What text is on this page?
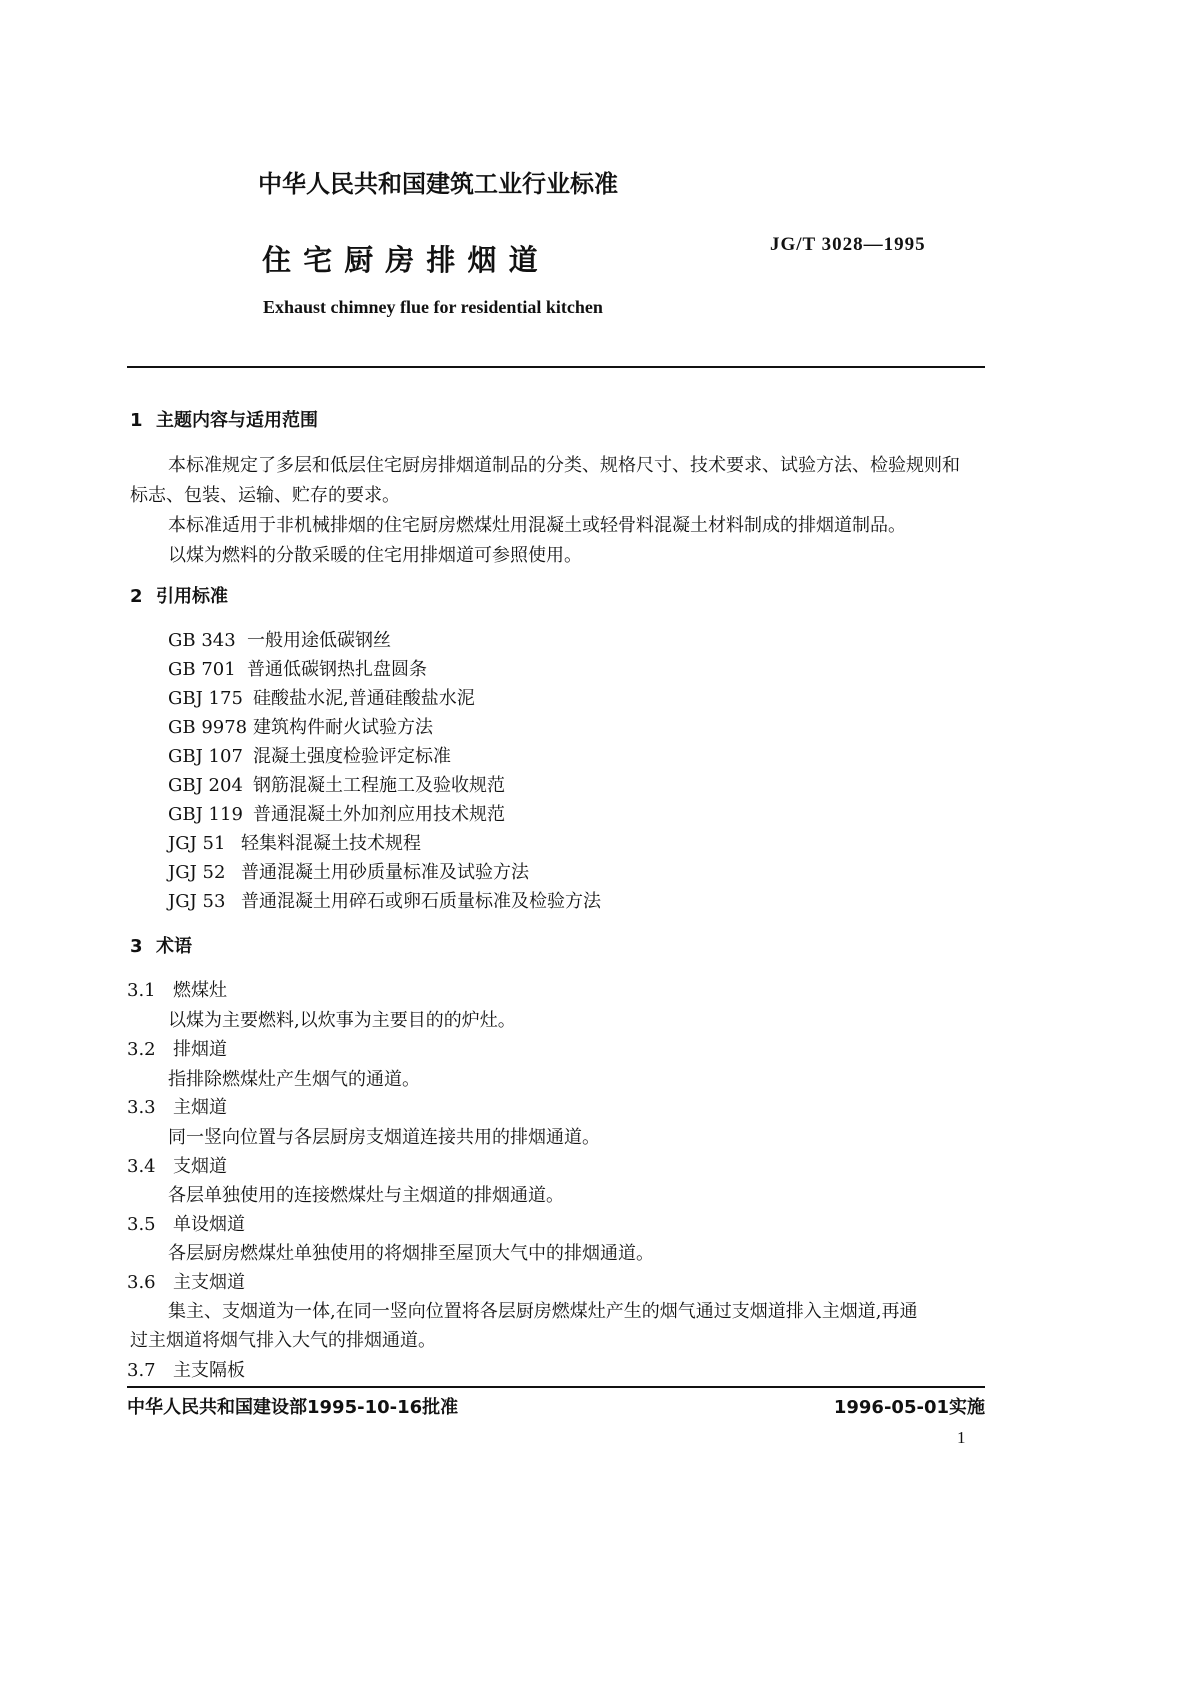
中华人民共和国建筑工业行业标准
住 宅 厨 房 排 烟 道	JG/T 3028—1995
Exhaust chimney flue for residential kitchen
1 主题内容与适用范围
本标准规定了多层和低层住宅厨房排烟道制品的分类、规格尺寸、技术要求、试验方法、检验规则和
标志、包装、运输、贮存的要求。
本标准适用于非机械排烟的住宅厨房燃煤灶用混凝土或轻骨料混凝土材料制成的排烟道制品。
以煤为燃料的分散采暖的住宅用排烟道可参照使用。
2 引用标准
GB 343 一般用途低碳钢丝
GB 701 普通低碳钢热扎盘圆条
GBJ 175 硅酸盐水泥,普通硅酸盐水泥
GB 9978 建筑构件耐火试验方法
GBJ 107 混凝土强度检验评定标准
GBJ 204 钢筋混凝土工程施工及验收规范
GBJ 119 普通混凝土外加剂应用技术规范
JGJ 51 轻集料混凝土技术规程
JGJ 52 普通混凝土用砂质量标准及试验方法
JGJ 53 普通混凝土用碎石或卵石质量标准及检验方法
3 术语
3.1 燃煤灶
以煤为主要燃料,以炊事为主要目的的炉灶。
3.2 排烟道
指排除燃煤灶产生烟气的通道。
3.3 主烟道
同一竖向位置与各层厨房支烟道连接共用的排烟通道。
3.4 支烟道
各层单独使用的连接燃煤灶与主烟道的排烟通道。
3.5 单设烟道
各层厨房燃煤灶单独使用的将烟排至屋顶大气中的排烟通道。
3.6 主支烟道
集主、支烟道为一体,在同一竖向位置将各层厨房燃煤灶产生的烟气通过支烟道排入主烟道,再通
过主烟道将烟气排入大气的排烟通道。
3.7 主支隔板
中华人民共和国建设部1995-10-16批准	1996-05-01实施
1
